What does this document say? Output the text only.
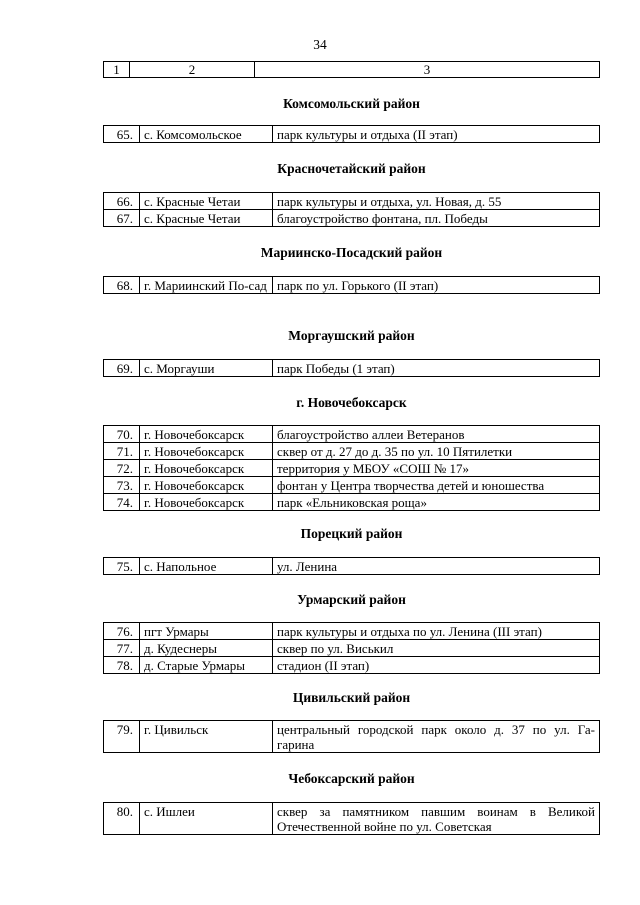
34
1	2	3
Комсомольский район
65.	с. Комсомольское	парк культуры и отдыха (II этап)
Красночетайский район
66.	с. Красные Четаи	парк культуры и отдыха, ул. Новая, д. 55
67.	с. Красные Четаи	благоустройство фонтана, пл. Победы
Мариинско-Посадский район
68.	г. Мариинский По-сад	парк по ул. Горького (II этап)
Моргаушский район
69.	с. Моргауши	парк Победы (1 этап)
г. Новочебоксарск
70.	г. Новочебоксарск	благоустройство аллеи Ветеранов
71.	г. Новочебоксарск	сквер от д. 27 до д. 35 по ул. 10 Пятилетки
72.	г. Новочебоксарск	территория у МБОУ «СОШ № 17»
73.	г. Новочебоксарск	фонтан у Центра творчества детей и юношества
74.	г. Новочебоксарск	парк «Ельниковская роща»
Порецкий район
75.	с. Напольное	ул. Ленина
Урмарский район
76.	пгт Урмары	парк культуры и отдыха по ул. Ленина (III этап)
77.	д. Кудеснеры	сквер по ул. Виськил
78.	д. Старые Урмары	стадион (II этап)
Цивильский район
79.	г. Цивильск	центральный городской парк около д. 37 по ул. Га-гарина
Чебоксарский район
80.	с. Ишлеи	сквер за памятником павшим воинам в Великой Отечественной войне по ул. Советская
